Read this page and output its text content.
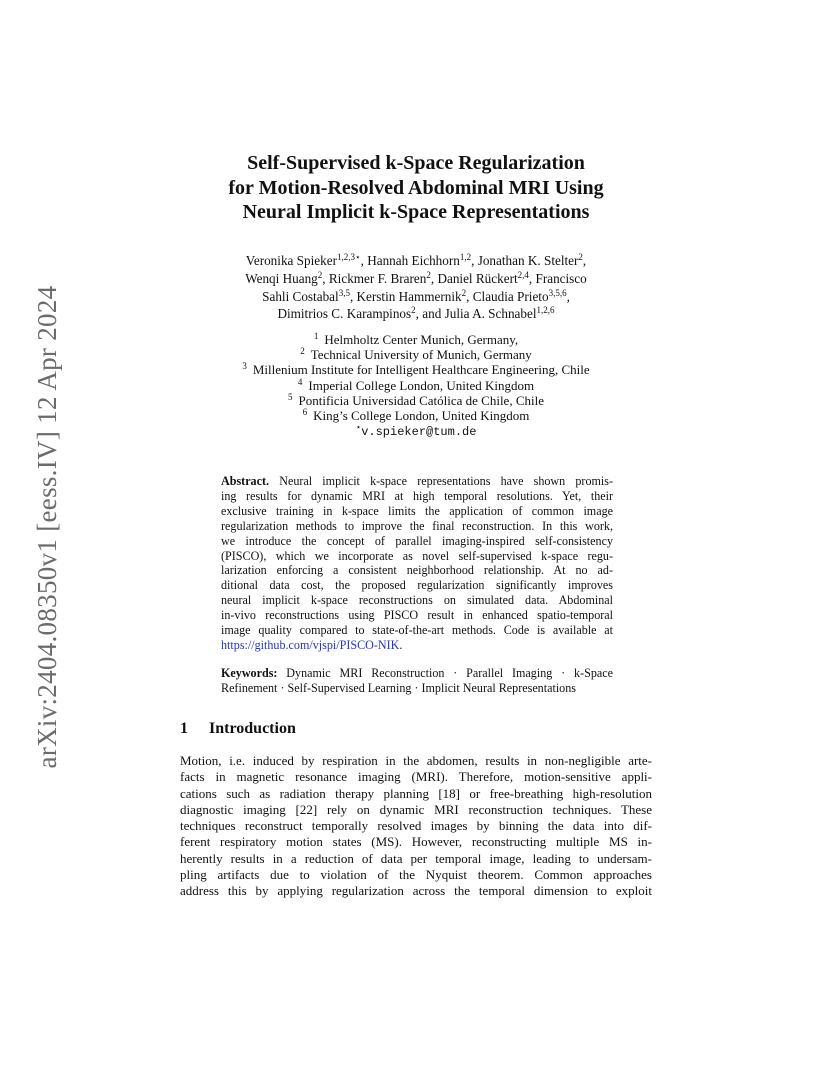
arXiv:2404.08350v1 [eess.IV] 12 Apr 2024
Self-Supervised k-Space Regularization
for Motion-Resolved Abdominal MRI Using
Neural Implicit k-Space Representations
Veronika Spieker$^{1,2,3⋆}$, Hannah Eichhorn$^{1,2}$, Jonathan K. Stelter$^2$,
Wenqi Huang$^2$, Rickmer F. Braren$^2$, Daniel Rückert$^{2,4}$, Francisco
Sahli Costabal$^{3,5}$, Kerstin Hammernik$^2$, Claudia Prieto$^{3,5,6}$,
Dimitrios C. Karampinos$^2$, and Julia A. Schnabel$^{1,2,6}$
$^1$ Helmholtz Center Munich, Germany,
$^2$ Technical University of Munich, Germany
$^3$ Millenium Institute for Intelligent Healthcare Engineering, Chile
$^4$ Imperial College London, United Kingdom
$^5$ Pontificia Universidad Católica de Chile, Chile
$^6$ King’s College London, United Kingdom
⋆v.spieker@tum.de
Abstract. Neural implicit k-space representations have shown promis-
ing results for dynamic MRI at high temporal resolutions. Yet, their
exclusive training in k-space limits the application of common image
regularization methods to improve the final reconstruction. In this work,
we introduce the concept of parallel imaging-inspired self-consistency
(PISCO), which we incorporate as novel self-supervised k-space regu-
larization enforcing a consistent neighborhood relationship. At no ad-
ditional data cost, the proposed regularization significantly improves
neural implicit k-space reconstructions on simulated data. Abdominal
in-vivo reconstructions using PISCO result in enhanced spatio-temporal
image quality compared to state-of-the-art methods. Code is available at
https://github.com/vjspi/PISCO-NIK.
Keywords: Dynamic MRI Reconstruction · Parallel Imaging · k-Space
Refinement · Self-Supervised Learning · Implicit Neural Representations
1 Introduction
Motion, i.e. induced by respiration in the abdomen, results in non-negligible arte-
facts in magnetic resonance imaging (MRI). Therefore, motion-sensitive appli-
cations such as radiation therapy planning [18] or free-breathing high-resolution
diagnostic imaging [22] rely on dynamic MRI reconstruction techniques. These
techniques reconstruct temporally resolved images by binning the data into dif-
ferent respiratory motion states (MS). However, reconstructing multiple MS in-
herently results in a reduction of data per temporal image, leading to undersam-
pling artifacts due to violation of the Nyquist theorem. Common approaches
address this by applying regularization across the temporal dimension to exploit
